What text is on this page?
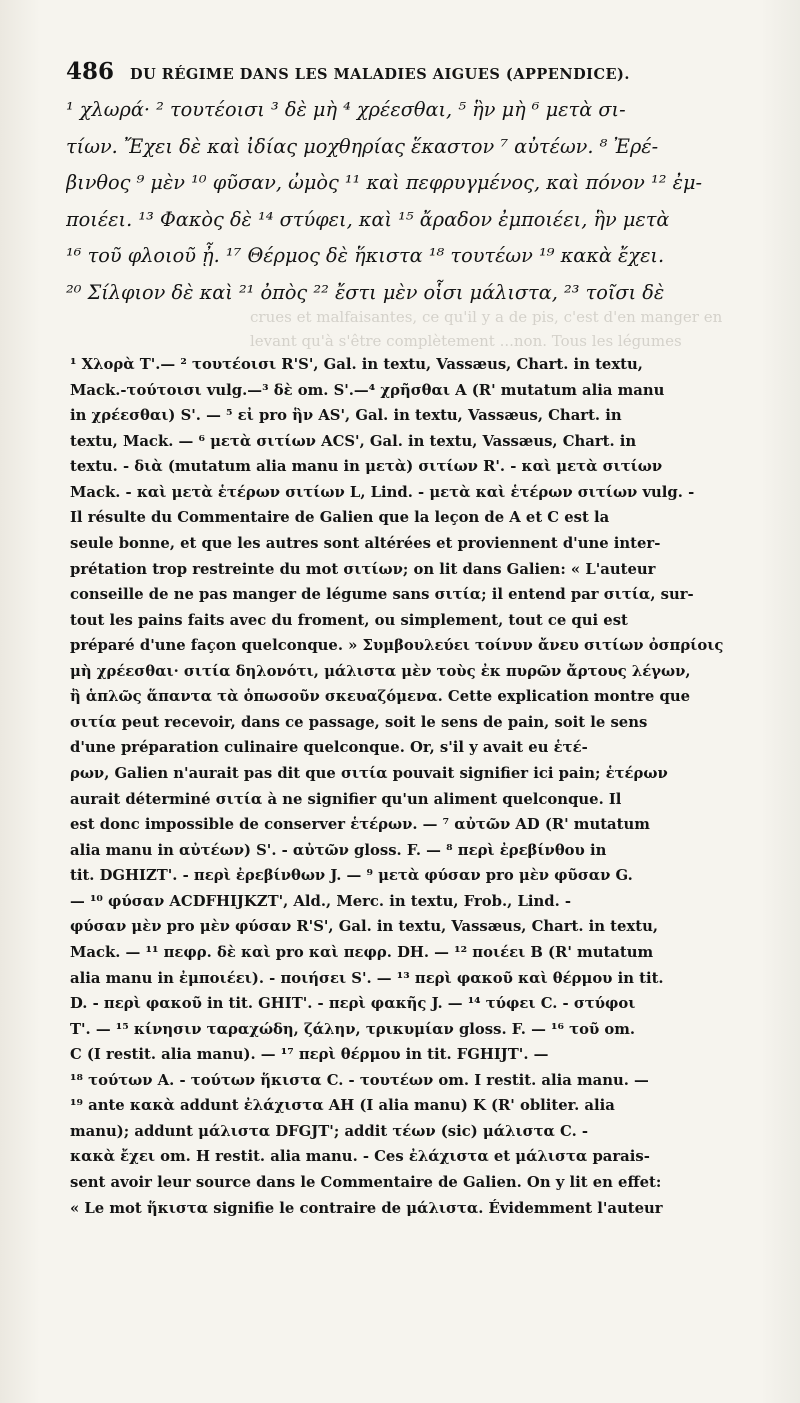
486 DU RÉGIME DANS LES MALADIES AIGUES (APPENDICE).
¹ χλωρά· ² τουτέοισι ³ δὲ μὴ ⁴ χρέεσθαι, ⁵ ἣν μὴ ⁶ μετὰ σι-
τίων. Ἔχει δὲ καὶ ἰδίας μοχθηρίας ἕκαστον ⁷ αὐτέων. ⁸ Ἐρέ-
βινθος ⁹ μὲν ¹⁰ φῦσαν, ὠμὸς ¹¹ καὶ πεφρυγμένος, καὶ πόνον ¹² ἐμ-
ποιέει. ¹³ Φακὸς δὲ ¹⁴ στύφει, καὶ ¹⁵ ἄραδον ἐμποιέει, ἣν μετὰ
¹⁶ τοῦ φλοιοῦ ᾖ. ¹⁷ Θέρμος δὲ ἥκιστα ¹⁸ τουτέων ¹⁹ κακὰ ἔχει.
²⁰ Σίλφιον δὲ καὶ ²¹ ὀπὸς ²² ἔστι μὲν οἷσι μάλιστα, ²³ τοῖσι δὲ
crues et malfaisantes, ce qu'il y a de pis, c'est d'en manger en
levant qu'à s'être complètement ...non. Tous les légumes
¹ Χλορὰ T'.— ² τουτέοισι R'S', Gal. in textu, Vassæus, Chart. in textu,
Mack.-τούτοισι vulg.—³ δὲ om. S'.—⁴ χρῆσθαι A (R' mutatum alia manu
in χρέεσθαι) S'. — ⁵ εἰ pro ἣν AS', Gal. in textu, Vassæus, Chart. in
textu, Mack. — ⁶ μετὰ σιτίων ACS', Gal. in textu, Vassæus, Chart. in
textu. - διὰ (mutatum alia manu in μετὰ) σιτίων R'. - καὶ μετὰ σιτίων
Mack. - καὶ μετὰ ἑτέρων σιτίων L, Lind. - μετὰ καὶ ἑτέρων σιτίων vulg. -
Il résulte du Commentaire de Galien que la leçon de A et C est la
seule bonne, et que les autres sont altérées et proviennent d'une inter-
prétation trop restreinte du mot σιτίων; on lit dans Galien: « L'auteur
conseille de ne pas manger de légume sans σιτία; il entend par σιτία, sur-
tout les pains faits avec du froment, ou simplement, tout ce qui est
préparé d'une façon quelconque. » Συμβουλεύει τοίνυν ἄνευ σιτίων ὀσπρίοις
μὴ χρέεσθαι· σιτία δηλονότι, μάλιστα μὲν τοὺς ἐκ πυρῶν ἄρτους λέγων,
ἢ ἁπλῶς ἅπαντα τὰ ὁπωσοῦν σκευαζόμενα. Cette explication montre que
σιτία peut recevoir, dans ce passage, soit le sens de pain, soit le sens
d'une préparation culinaire quelconque. Or, s'il y avait eu ἑτέ-
ρων, Galien n'aurait pas dit que σιτία pouvait signifier ici pain; ἑτέρων
aurait déterminé σιτία à ne signifier qu'un aliment quelconque. Il
est donc impossible de conserver ἑτέρων. — ⁷ αὐτῶν AD (R' mutatum
alia manu in αὐτέων) S'. - αὐτῶν gloss. F. — ⁸ περὶ ἐρεβίνθου in
tit. DGHIZT'. - περὶ ἐρεβίνθων J. — ⁹ μετὰ φύσαν pro μὲν φῦσαν G.
— ¹⁰ φύσαν ACDFHIJKZT', Ald., Merc. in textu, Frob., Lind. -
φύσαν μὲν pro μὲν φύσαν R'S', Gal. in textu, Vassæus, Chart. in textu,
Mack. — ¹¹ πεφρ. δὲ καὶ pro καὶ πεφρ. DH. — ¹² ποιέει B (R' mutatum
alia manu in ἐμποιέει). - ποιήσει S'. — ¹³ περὶ φακοῦ καὶ θέρμου in tit.
D. - περὶ φακοῦ in tit. GHIT'. - περὶ φακῆς J. — ¹⁴ τύφει C. - στύφοι
T'. — ¹⁵ κίνησιν ταραχώδη, ζάλην, τρικυμίαν gloss. F. — ¹⁶ τοῦ om.
C (I restit. alia manu). — ¹⁷ περὶ θέρμου in tit. FGHIJT'. —
¹⁸ τούτων A. - τούτων ἥκιστα C. - τουτέων om. I restit. alia manu. —
¹⁹ ante κακὰ addunt ἐλάχιστα AH (I alia manu) K (R' obliter. alia
manu); addunt μάλιστα DFGJT'; addit τέων (sic) μάλιστα C. -
κακὰ ἔχει om. H restit. alia manu. - Ces ἐλάχιστα et μάλιστα parais-
sent avoir leur source dans le Commentaire de Galien. On y lit en effet:
« Le mot ἥκιστα signifie le contraire de μάλιστα. Évidemment l'auteur
